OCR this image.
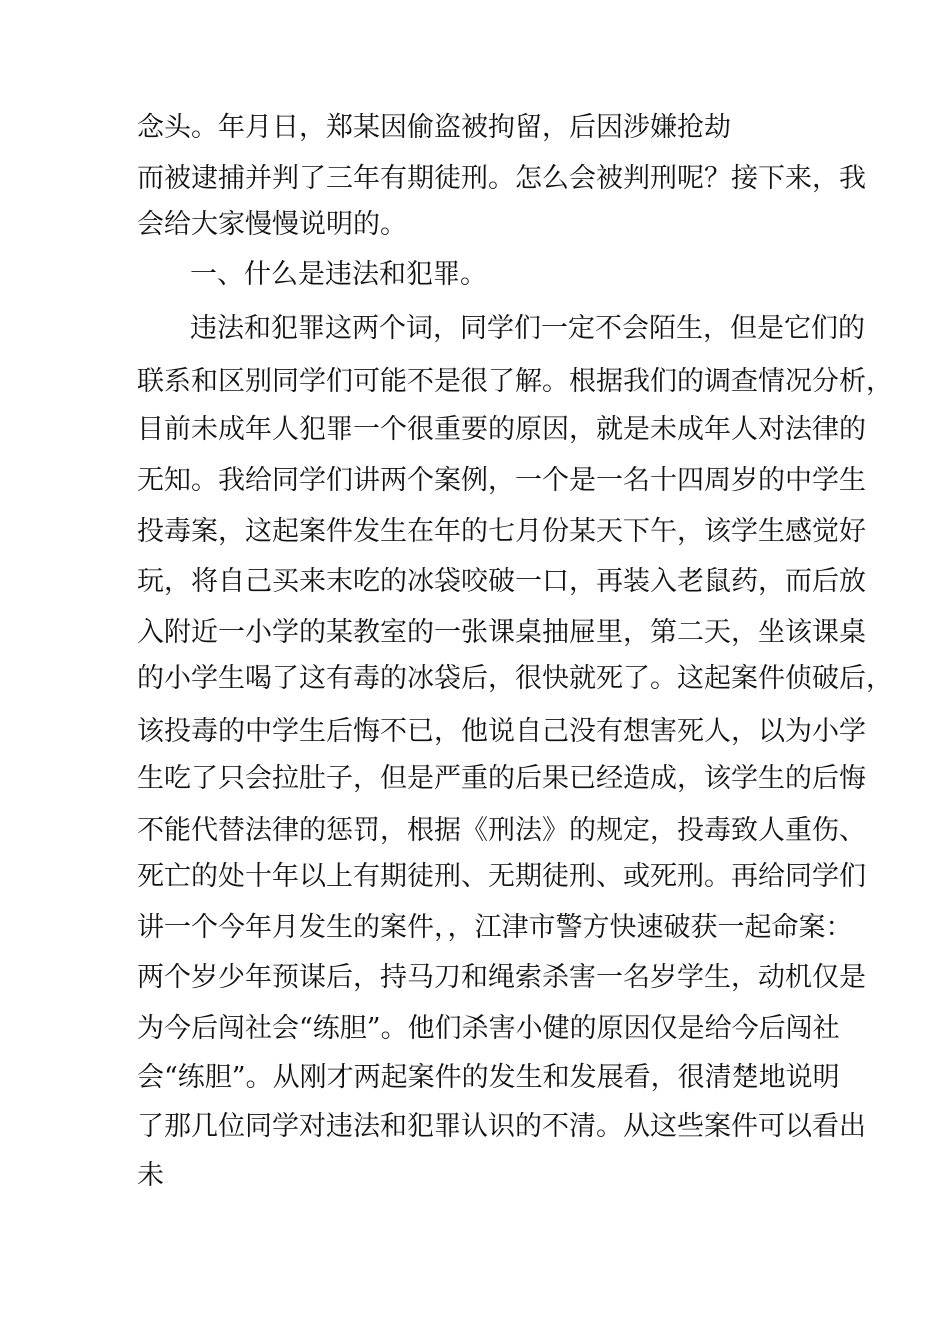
念头。年月日，郑某因偷盗被拘留，后因涉嫌抢劫

而被逮捕并判了三年有期徒刑。怎么会被判刑呢？接下来，我

会给大家慢慢说明的。

一、什么是违法和犯罪。

违法和犯罪这两个词，同学们一定不会陌生，但是它们的

联系和区别同学们可能不是很了解。根据我们的调查情况分析，

目前未成年人犯罪一个很重要的原因，就是未成年人对法律的

无知。我给同学们讲两个案例，一个是一名十四周岁的中学生

投毒案，这起案件发生在年的七月份某天下午，该学生感觉好

玩，将自己买来末吃的冰袋咬破一口，再装入老鼠药，而后放

入附近一小学的某教室的一张课桌抽屉里，第二天，坐该课桌

的小学生喝了这有毒的冰袋后，很快就死了。这起案件侦破后，

该投毒的中学生后悔不已，他说自己没有想害死人，以为小学

生吃了只会拉肚子，但是严重的后果已经造成，该学生的后悔

不能代替法律的惩罚，根据《刑法》的规定，投毒致人重伤、

死亡的处十年以上有期徒刑、无期徒刑、或死刑。再给同学们

讲一个今年月发生的案件，，江津市警方快速破获一起命案：

两个岁少年预谋后，持马刀和绳索杀害一名岁学生，动机仅是

为今后闯社会“练胆”。他们杀害小健的原因仅是给今后闯社

会“练胆”。从刚才两起案件的发生和发展看，很清楚地说明

了那几位同学对违法和犯罪认识的不清。从这些案件可以看出

未
